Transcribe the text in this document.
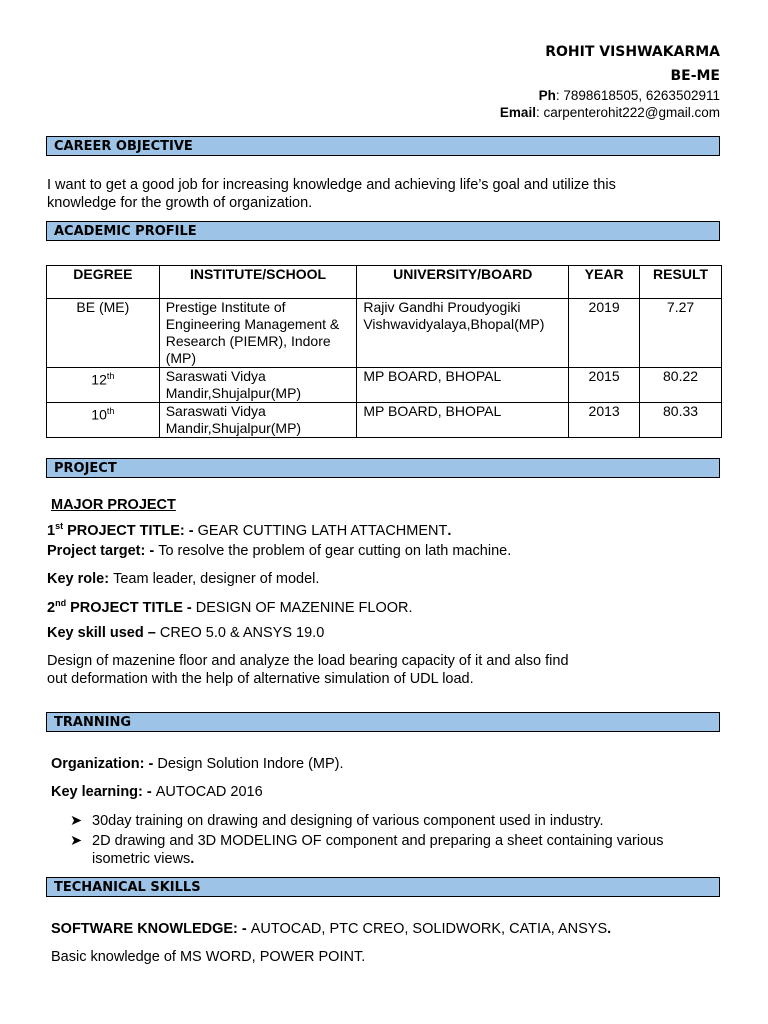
ROHIT VISHWAKARMA
BE-ME
Ph: 7898618505, 6263502911
Email: carpenterohit222@gmail.com
CAREER OBJECTIVE
I want to get a good job for increasing knowledge and achieving life’s goal and utilize this
knowledge for the growth of organization.
ACADEMIC PROFILE
DEGREE	INSTITUTE/SCHOOL	UNIVERSITY/BOARD	YEAR	RESULT
BE (ME)	Prestige Institute of Engineering Management & Research (PIEMR), Indore (MP)	Rajiv Gandhi Proudyogiki Vishwavidyalaya,Bhopal(MP)	2019	7.27
12th	Saraswati Vidya Mandir,Shujalpur(MP)	MP BOARD, BHOPAL	2015	80.22
10th	Saraswati Vidya Mandir,Shujalpur(MP)	MP BOARD, BHOPAL	2013	80.33
PROJECT
MAJOR PROJECT
1st PROJECT TITLE: - GEAR CUTTING LATH ATTACHMENT.
Project target: - To resolve the problem of gear cutting on lath machine.
Key role: Team leader, designer of model.
2nd PROJECT TITLE - DESIGN OF MAZENINE FLOOR.
Key skill used – CREO 5.0 & ANSYS 19.0
Design of mazenine floor and analyze the load bearing capacity of it and also find
out deformation with the help of alternative simulation of UDL load.
TRANNING
Organization: - Design Solution Indore (MP).
Key learning: - AUTOCAD 2016
➤ 30day training on drawing and designing of various component used in industry.
➤ 2D drawing and 3D MODELING OF component and preparing a sheet containing various isometric views.
TECHANICAL SKILLS
SOFTWARE KNOWLEDGE: - AUTOCAD, PTC CREO, SOLIDWORK, CATIA, ANSYS.
Basic knowledge of MS WORD, POWER POINT.
